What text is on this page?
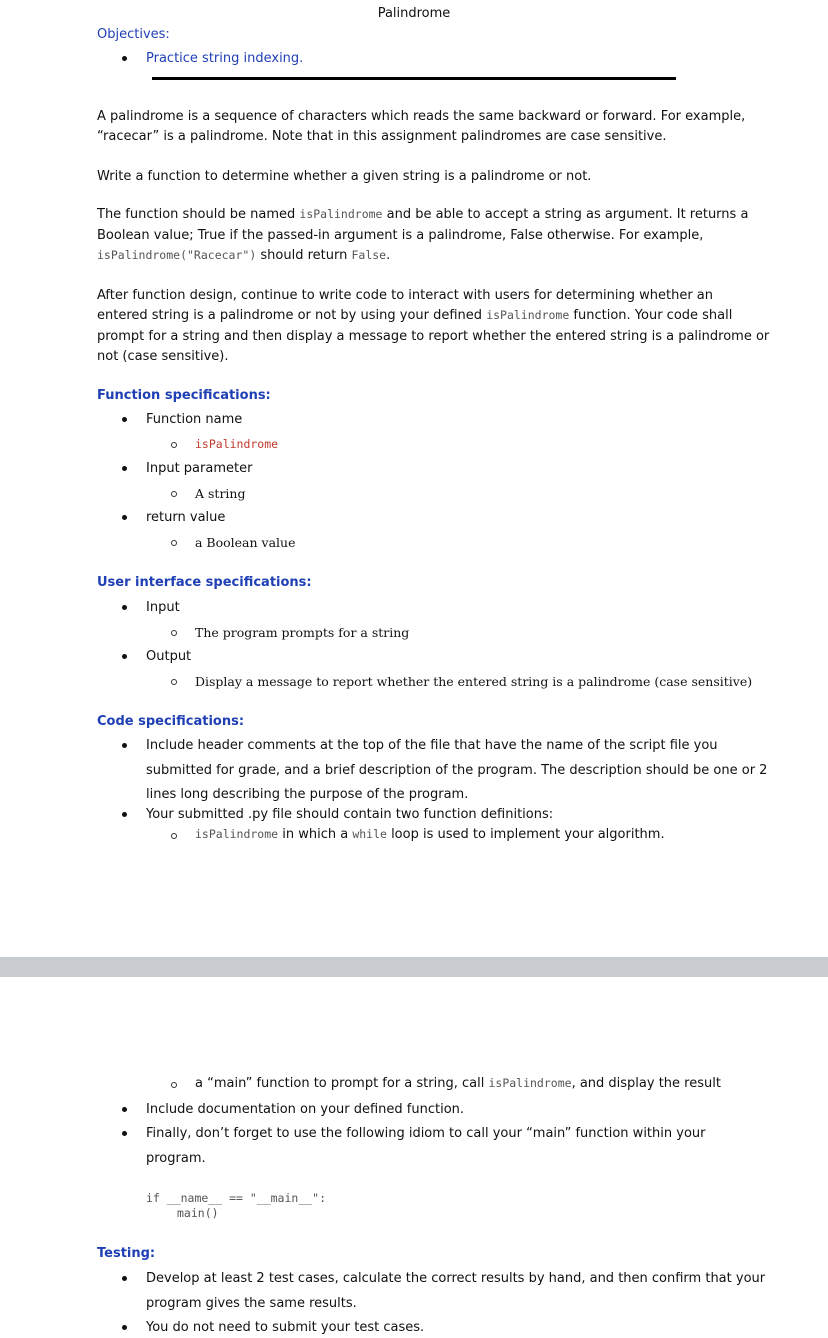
Palindrome
Objectives:
Practice string indexing.
A palindrome is a sequence of characters which reads the same backward or forward. For example,
“racecar” is a palindrome. Note that in this assignment palindromes are case sensitive.
Write a function to determine whether a given string is a palindrome or not.
The function should be named isPalindrome and be able to accept a string as argument. It returns a
Boolean value; True if the passed-in argument is a palindrome, False otherwise. For example,
isPalindrome("Racecar") should return False.
After function design, continue to write code to interact with users for determining whether an
entered string is a palindrome or not by using your defined isPalindrome function. Your code shall
prompt for a string and then display a message to report whether the entered string is a palindrome or
not (case sensitive).
Function specifications:
Function name
isPalindrome
Input parameter
A string
return value
a Boolean value
User interface specifications:
Input
The program prompts for a string
Output
Display a message to report whether the entered string is a palindrome (case sensitive)
Code specifications:
Include header comments at the top of the file that have the name of the script file you
submitted for grade, and a brief description of the program. The description should be one or 2
lines long describing the purpose of the program.
Your submitted .py file should contain two function definitions:
isPalindrome in which a while loop is used to implement your algorithm.
a “main” function to prompt for a string, call isPalindrome, and display the result
Include documentation on your defined function.
Finally, don’t forget to use the following idiom to call your “main” function within your
program.
if __name__ == "__main__":
main()
Testing:
Develop at least 2 test cases, calculate the correct results by hand, and then confirm that your
program gives the same results.
You do not need to submit your test cases.
